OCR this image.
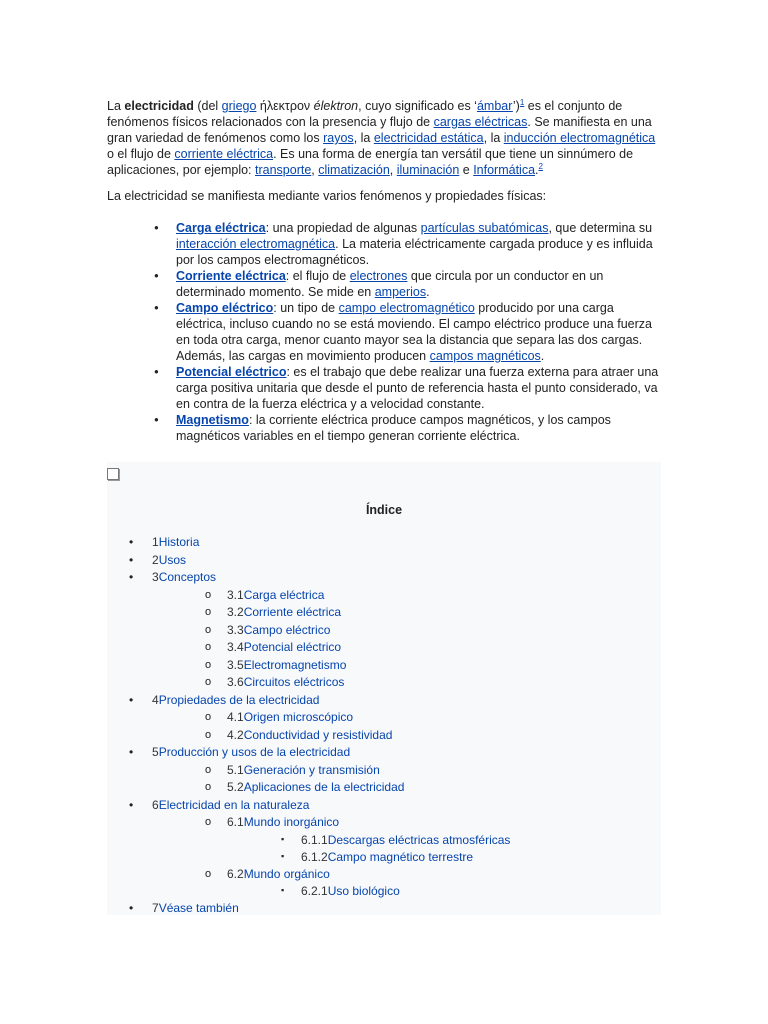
La electricidad (del griego ήλεκτρον élektron, cuyo significado es ‘ámbar’)$^1$ es el conjunto de fenómenos físicos relacionados con la presencia y flujo de cargas eléctricas. Se manifiesta en una gran variedad de fenómenos como los rayos, la electricidad estática, la inducción electromagnética o el flujo de corriente eléctrica. Es una forma de energía tan versátil que tiene un sinnúmero de aplicaciones, por ejemplo: transporte, climatización, iluminación e Informática.$^2$

La electricidad se manifiesta mediante varios fenómenos y propiedades físicas:

● Carga eléctrica: una propiedad de algunas partículas subatómicas, que determina su interacción electromagnética. La materia eléctricamente cargada produce y es influida por los campos electromagnéticos.
● Corriente eléctrica: el flujo de electrones que circula por un conductor en un determinado momento. Se mide en amperios.
● Campo eléctrico: un tipo de campo electromagnético producido por una carga eléctrica, incluso cuando no se está moviendo. El campo eléctrico produce una fuerza en toda otra carga, menor cuanto mayor sea la distancia que separa las dos cargas. Además, las cargas en movimiento producen campos magnéticos.
● Potencial eléctrico: es el trabajo que debe realizar una fuerza externa para atraer una carga positiva unitaria que desde el punto de referencia hasta el punto considerado, va en contra de la fuerza eléctrica y a velocidad constante.
● Magnetismo: la corriente eléctrica produce campos magnéticos, y los campos magnéticos variables en el tiempo generan corriente eléctrica.
Índice
• 1Historia
• 2Usos
• 3Conceptos
o 3.1Carga eléctrica
o 3.2Corriente eléctrica
o 3.3Campo eléctrico
o 3.4Potencial eléctrico
o 3.5Electromagnetismo
o 3.6Circuitos eléctricos
• 4Propiedades de la electricidad
o 4.1Origen microscópico
o 4.2Conductividad y resistividad
• 5Producción y usos de la electricidad
o 5.1Generación y transmisión
o 5.2Aplicaciones de la electricidad
• 6Electricidad en la naturaleza
o 6.1Mundo inorgánico
▪ 6.1.1Descargas eléctricas atmosféricas
▪ 6.1.2Campo magnético terrestre
o 6.2Mundo orgánico
▪ 6.2.1Uso biológico
• 7Véase también
